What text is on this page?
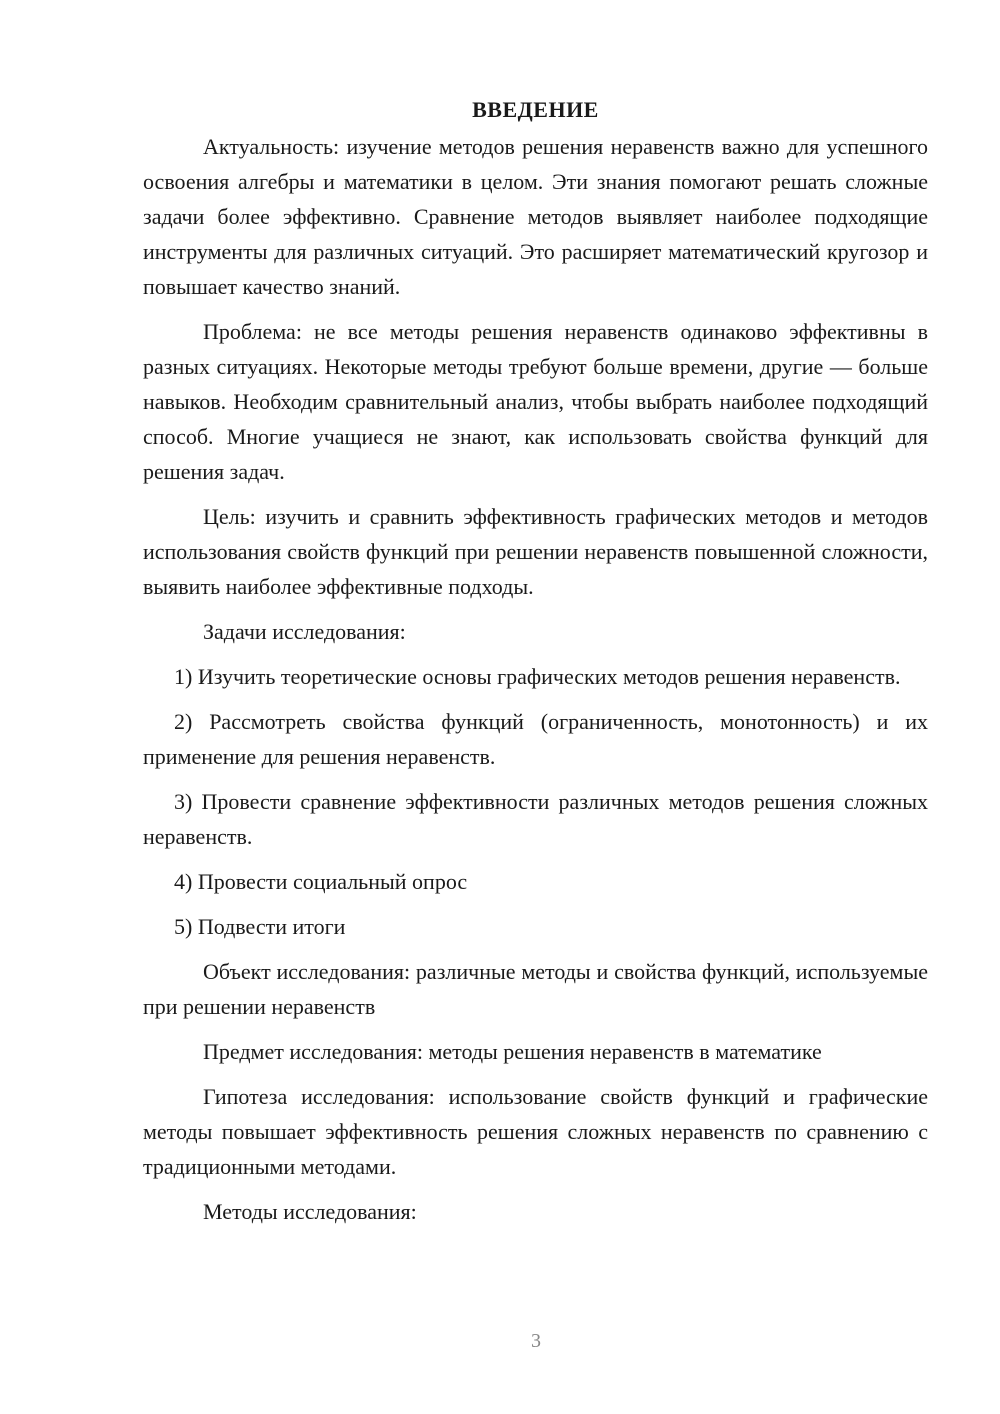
ВВЕДЕНИЕ

Актуальность: изучение методов решения неравенств важно для успешного освоения алгебры и математики в целом. Эти знания помогают решать сложные задачи более эффективно. Сравнение методов выявляет наиболее подходящие инструменты для различных ситуаций. Это расширяет математический кругозор и повышает качество знаний.

Проблема: не все методы решения неравенств одинаково эффективны в разных ситуациях. Некоторые методы требуют больше времени, другие — больше навыков. Необходим сравнительный анализ, чтобы выбрать наиболее подходящий способ. Многие учащиеся не знают, как использовать свойства функций для решения задач.

Цель: изучить и сравнить эффективность графических методов и методов использования свойств функций при решении неравенств повышенной сложности, выявить наиболее эффективные подходы.

Задачи исследования:

1) Изучить теоретические основы графических методов решения неравенств.

2) Рассмотреть свойства функций (ограниченность, монотонность) и их применение для решения неравенств.

3) Провести сравнение эффективности различных методов решения сложных неравенств.

4) Провести социальный опрос

5) Подвести итоги

Объект исследования: различные методы и свойства функций, используемые при решении неравенств

Предмет исследования: методы решения неравенств в математике

Гипотеза исследования: использование свойств функций и графические методы повышает эффективность решения сложных неравенств по сравнению с традиционными методами.

Методы исследования:

3
